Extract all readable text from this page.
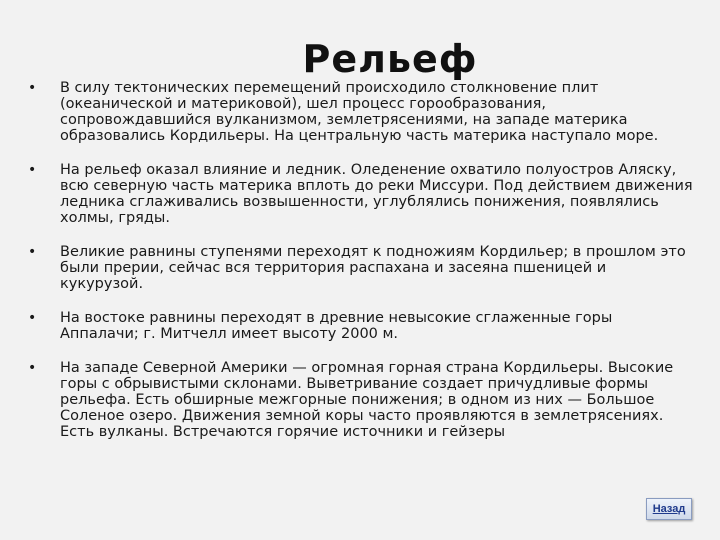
Рельеф
• В силу тектонических перемещений происходило столкновение плит (океанической и материковой), шел процесс горообразования, сопровождавшийся вулканизмом, землетрясениями, на западе материка образовались Кордильеры. На центральную часть материка наступало море.
• На рельеф оказал влияние и ледник. Оледенение охватило полуостров Аляску, всю северную часть материка вплоть до реки Миссури. Под действием движения ледника сглаживались возвышенности, углублялись понижения, появлялись холмы, гряды.
• Великие равнины ступенями переходят к подножиям Кордильер; в прошлом это были прерии, сейчас вся территория распахана и засеяна пшеницей и кукурузой.
• На востоке равнины переходят в древние невысокие сглаженные горы Аппалачи; г. Митчелл имеет высоту 2000 м.
• На западе Северной Америки — огромная горная страна Кордильеры. Высокие горы с обрывистыми склонами. Выветривание создает причудливые формы рельефа. Есть обширные межгорные понижения; в одном из них — Большое Соленое озеро. Движения земной коры часто проявляются в землетрясениях. Есть вулканы. Встречаются горячие источники и гейзеры
Назад
